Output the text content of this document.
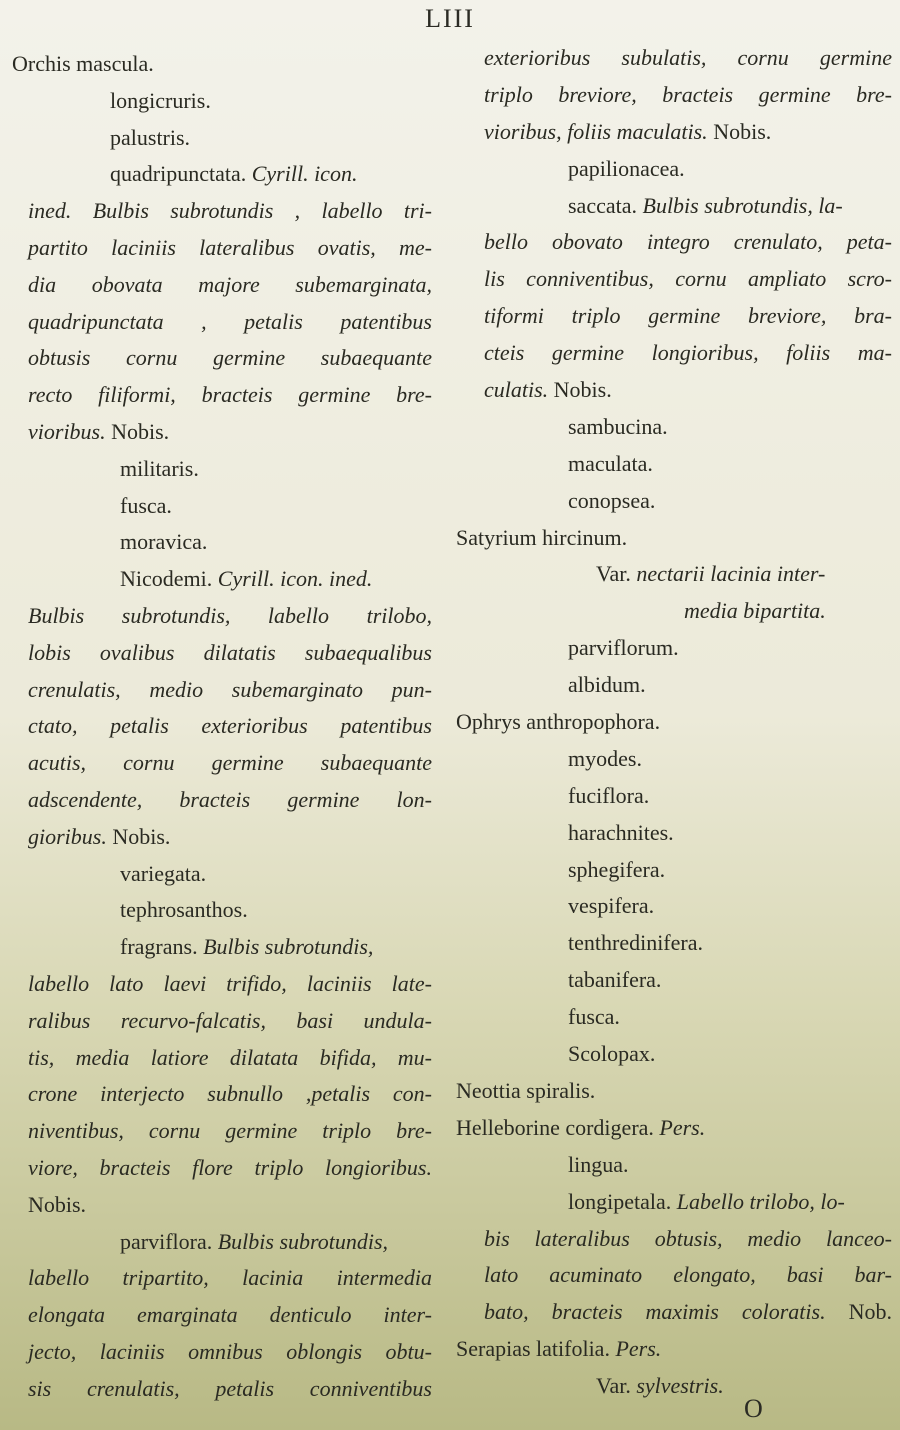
LIII
Orchis mascula.
longicruris.
palustris.
quadripunctata. Cyrill. icon.
ined. Bulbis subrotundis , labello tri-
partito laciniis lateralibus ovatis, me-
dia obovata majore subemarginata,
quadripunctata , petalis patentibus
obtusis cornu germine subaequante
recto filiformi, bracteis germine bre-
vioribus. Nobis.
militaris.
fusca.
moravica.
Nicodemi. Cyrill. icon. ined.
Bulbis subrotundis, labello trilobo,
lobis ovalibus dilatatis subaequalibus
crenulatis, medio subemarginato pun-
ctato, petalis exterioribus patentibus
acutis, cornu germine subaequante
adscendente, bracteis germine lon-
gioribus. Nobis.
variegata.
tephrosanthos.
fragrans. Bulbis subrotundis,
labello lato laevi trifido, laciniis late-
ralibus recurvo-falcatis, basi undula-
tis, media latiore dilatata bifida, mu-
crone interjecto subnullo ,petalis con-
niventibus, cornu germine triplo bre-
viore, bracteis flore triplo longioribus.
Nobis.
parviflora. Bulbis subrotundis,
labello tripartito, lacinia intermedia
elongata emarginata denticulo inter-
jecto, laciniis omnibus oblongis obtu-
sis crenulatis, petalis conniventibus
exterioribus subulatis, cornu germine
triplo breviore, bracteis germine bre-
vioribus, foliis maculatis. Nobis.
papilionacea.
saccata. Bulbis subrotundis, la-
bello obovato integro crenulato, peta-
lis conniventibus, cornu ampliato scro-
tiformi triplo germine breviore, bra-
cteis germine longioribus, foliis ma-
culatis. Nobis.
sambucina.
maculata.
conopsea.
Satyrium hircinum.
Var. nectarii lacinia inter-
media bipartita.
parviflorum.
albidum.
Ophrys anthropophora.
myodes.
fuciflora.
harachnites.
sphegifera.
vespifera.
tenthredinifera.
tabanifera.
fusca.
Scolopax.
Neottia spiralis.
Helleborine cordigera. Pers.
lingua.
longipetala. Labello trilobo, lo-
bis lateralibus obtusis, medio lanceo-
lato acuminato elongato, basi bar-
bato, bracteis maximis coloratis. Nob.
Serapias latifolia. Pers.
Var. sylvestris.
O
